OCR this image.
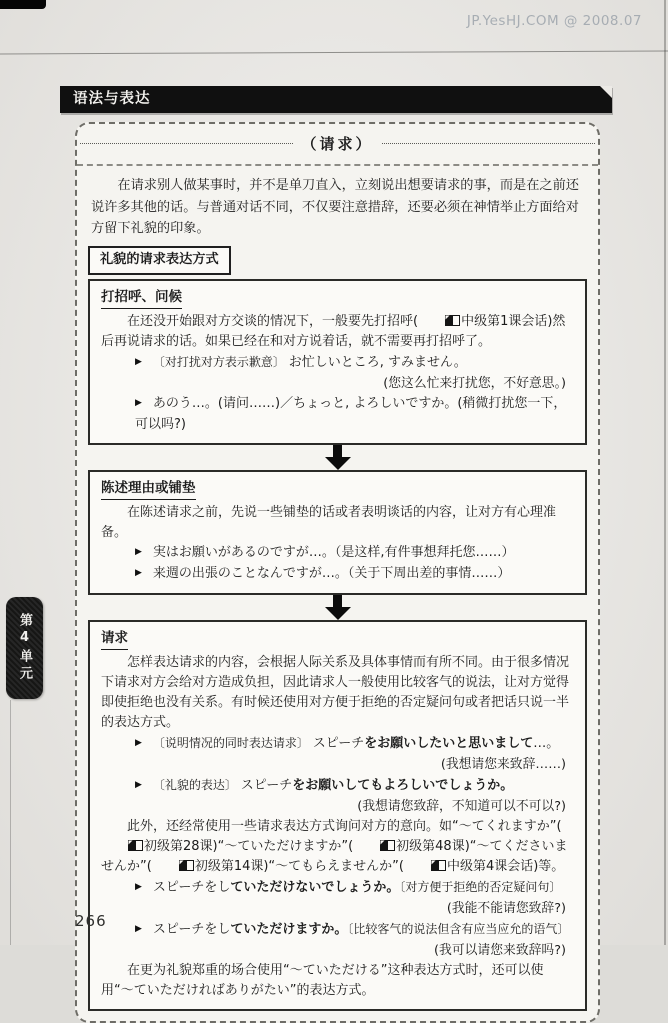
JP.YesHJ.COM @ 2008.07
语法与表达
（请求）

在请求别人做某事时，并不是单刀直入，立刻说出想要请求的事，而是在之前还说许多其他的话。与普通对话不同，不仅要注意措辞，还要必须在神情举止方面给对方留下礼貌的印象。

礼貌的请求表达方式
打招呼、问候
在还没开始跟对方交谈的情况下，一般要先打招呼(	中级第1课会话)然后再说请求的话。如果已经在和对方说着话，就不需要再打招呼了。
▶ 〔对打扰对方表示歉意〕 お忙しいところ, すみません。
(您这么忙来打扰您，不好意思。)
▶ あのう…。(请问……)／ちょっと, よろしいですか。(稍微打扰您一下，可以吗?)
陈述理由或铺垫
在陈述请求之前，先说一些铺垫的话或者表明谈话的内容，让对方有心理准备。
▶ 実はお願いがあるのですが…。（是这样,有件事想拜托您……）
▶ 来週の出張のことなんですが…。（关于下周出差的事情……）
请求
怎样表达请求的内容，会根据人际关系及具体事情而有所不同。由于很多情况下请求对方会给对方造成负担，因此请求人一般使用比较客气的说法，让对方觉得即使拒绝也没有关系。有时候还使用对方便于拒绝的否定疑问句或者把话只说一半的表达方式。
▶ 〔说明情况的同时表达请求〕 スピーチをお願いしたいと思いまして…。
(我想请您来致辞……)
▶ 〔礼貌的表达〕 スピーチをお願いしてもよろしいでしょうか。
(我想请您致辞，不知道可以不可以?)
此外，还经常使用一些请求表达方式询问对方的意向。如“～てくれますか”(初级第28课)“～ていただけますか”(	初级第48课)“～てくださいませんか”(	初级第14课)“～てもらえませんか”(	中级第4课会话)等。
▶ スピーチをしていただけないでしょうか。〔对方便于拒绝的否定疑问句〕
(我能不能请您致辞?)
▶ スピーチをしていただけますか。〔比较客气的说法但含有应当应允的语气〕
(我可以请您来致辞吗?)
在更为礼貌郑重的场合使用“～ていただける”这种表达方式时，还可以使用“～ていただければありがたい”的表达方式。
第4单元
266
